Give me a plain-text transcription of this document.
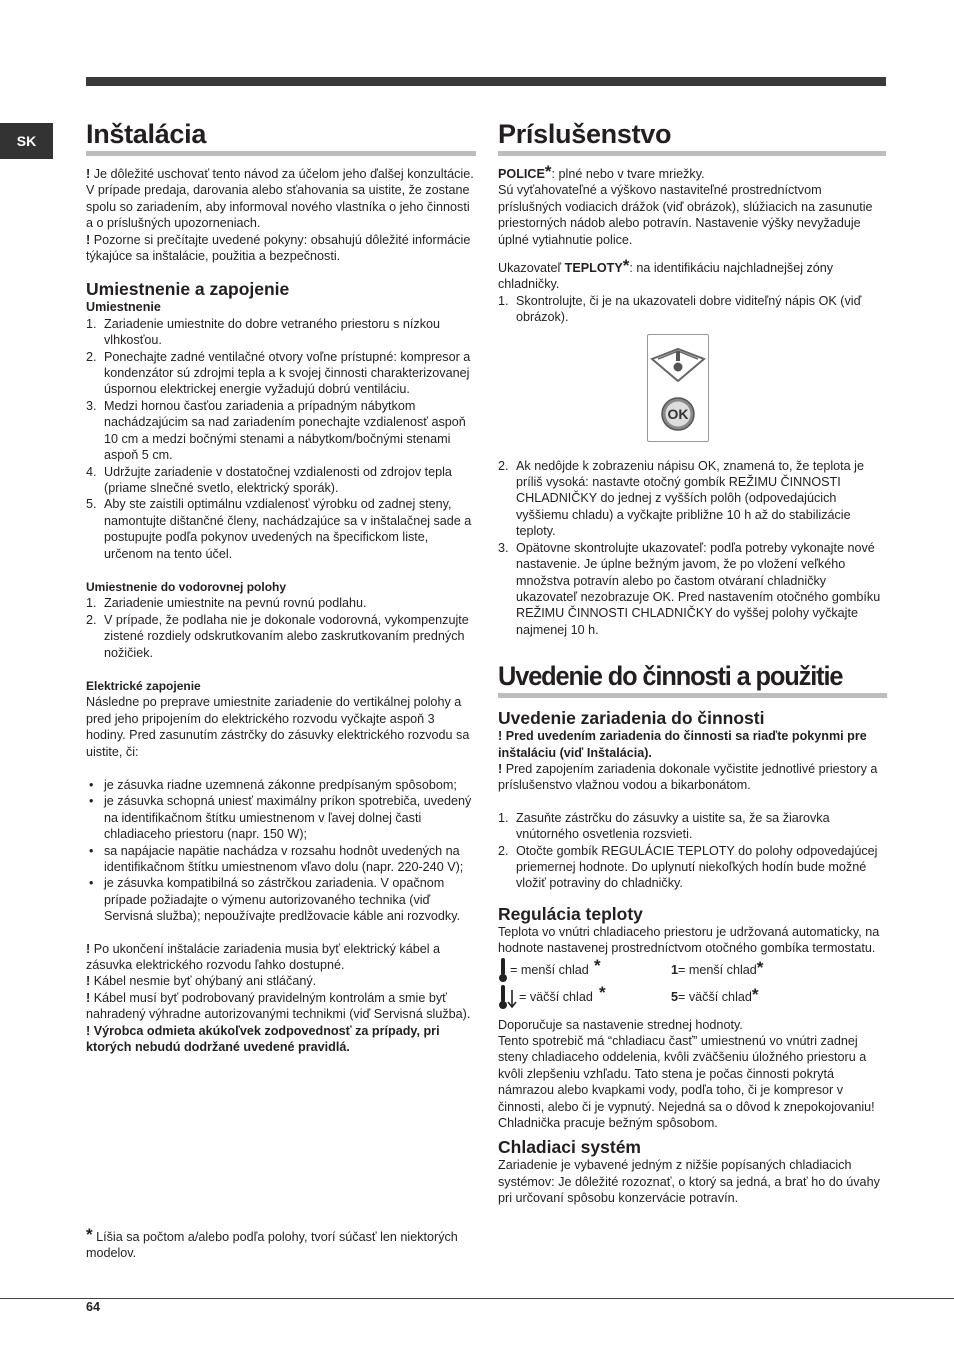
SK	Inštalácia

! Je dôležité uschovať tento návod za účelom jeho ďalšej konzultácie. V prípade predaja, darovania alebo sťahovania sa uistite, že zostane spolu so zariadením, aby informoval nového vlastníka o jeho činnosti a o príslušných upozorneniach.

! Pozorne si prečítajte uvedené pokyny: obsahujú dôležité informácie týkajúce sa inštalácie, použitia a bezpečnosti.

Umiestnenie a zapojenie

Umiestnenie

1. Zariadenie umiestnite do dobre vetraného priestoru s nízkou vlhkosťou.
2. Ponechajte zadné ventilačné otvory voľne prístupné: kompresor a kondenzátor sú zdrojmi tepla a k svojej činnosti charakterizovanej úspornou elektrickej energie vyžadujú dobrú ventiláciu.
3. Medzi hornou časťou zariadenia a prípadným nábytkom nachádzajúcim sa nad zariadením ponechajte vzdialenosť aspoň 10 cm a medzi bočnými stenami a nábytkom/bočnými stenami aspoň 5 cm.
4. Udržujte zariadenie v dostatočnej vzdialenosti od zdrojov tepla (priame slnečné svetlo, elektrický sporák).
5. Aby ste zaistili optimálnu vzdialenosť výrobku od zadnej steny, namontujte dištančné členy, nachádzajúce sa v inštalačnej sade a postupujte podľa pokynov uvedených na špecifickom liste, určenom na tento účel.

Umiestnenie do vodorovnej polohy

1. Zariadenie umiestnite na pevnú rovnú podlahu.
2. V prípade, že podlaha nie je dokonale vodorovná, vykompenzujte zistené rozdiely odskrutkovaním alebo zaskrutkovaním predných nožičiek.

Elektrické zapojenie

Následne po preprave umiestnite zariadenie do vertikálnej polohy a pred jeho pripojením do elektrického rozvodu vyčkajte aspoň 3 hodiny. Pred zasunutím zástrčky do zásuvky elektrického rozvodu sa uistite, či:

• je zásuvka riadne uzemnená zákonne predpísaným spôsobom;
• je zásuvka schopná uniesť maximálny príkon spotrebiča, uvedený na identifikačnom štítku umiestnenom v ľavej dolnej časti chladiaceho priestoru (napr. 150 W);
• sa napájacie napätie nachádza v rozsahu hodnôt uvedených na identifikačnom štítku umiestnenom vľavo dolu (napr. 220-240 V);
• je zásuvka kompatibilná so zástrčkou zariadenia. V opačnom prípade požiadajte o výmenu autorizovaného technika (viď Servisná služba); nepoužívajte predlžovacie káble ani rozvodky.

! Po ukončení inštalácie zariadenia musia byť elektrický kábel a zásuvka elektrického rozvodu ľahko dostupné.

! Kábel nesmie byť ohýbaný ani stláčaný.

! Kábel musí byť podrobovaný pravidelným kontrolám a smie byť nahradený výhradne autorizovanými technikmi (viď Servisná služba).

! Výrobca odmieta akúkoľvek zodpovednosť za prípady, pri ktorých nebudú dodržané uvedené pravidlá.

* Líšia sa počtom a/alebo podľa polohy, tvorí súčasť len niektorých modelov.
Príslušenstvo

POLICE*: plné nebo v tvare mriežky.

Sú vyťahovateľné a výškovo nastaviteľné prostredníctvom príslušných vodiacich drážok (viď obrázok), slúžiacich na zasunutie priestorných nádob alebo potravín. Nastavenie výšky nevyžaduje úplné vytiahnutie police.

Ukazovateľ TEPLOTY*: na identifikáciu najchladnejšej zóny chladničky.

1. Skontrolujte, či je na ukazovateli dobre viditeľný nápis OK (viď obrázok).
OK
2. Ak nedôjde k zobrazeniu nápisu OK, znamená to, že teplota je príliš vysoká: nastavte otočný gombík REŽIMU ČINNOSTI CHLADNIČKY do jednej z vyšších polôh (odpovedajúcich vyššiemu chladu) a vyčkajte približne 10 h až do stabilizácie teploty.
3. Opätovne skontrolujte ukazovateľ: podľa potreby vykonajte nové nastavenie. Je úplne bežným javom, že po vložení veľkého množstva potravín alebo po častom otváraní chladničky ukazovateľ nezobrazuje OK. Pred nastavením otočného gombíku REŽIMU ČINNOSTI CHLADNIČKY do vyššej polohy vyčkajte najmenej 10 h.
Uvedenie do činnosti a použitie
Uvedenie zariadenia do činnosti

! Pred uvedením zariadenia do činnosti sa riaďte pokynmi pre inštaláciu (viď Inštalácia).

! Pred zapojením zariadenia dokonale vyčistite jednotlivé priestory a príslušenstvo vlažnou vodou a bikarbonátom.

1. Zasuňte zástrčku do zásuvky a uistite sa, že sa žiarovka vnútorného osvetlenia rozsvieti.
2. Otočte gombík REGULÁCIE TEPLOTY do polohy odpovedajúcej priemernej hodnote. Do uplynutí niekoľkých hodín bude možné vložiť potraviny do chladničky.
Regulácia teploty

Teplota vo vnútri chladiaceho priestoru je udržovaná automaticky, na hodnote nastavenej prostredníctvom otočného gombíka termostatu.

= menší chlad *	1= menší chlad*
= väčší chlad *	5= väčší chlad*

Doporučuje sa nastavenie strednej hodnoty.

Tento spotrebič má “chladiacu časť” umiestnenú vo vnútri zadnej steny chladiaceho oddelenia, kvôli zväčšeniu úložného priestoru a kvôli zlepšeniu vzhľadu. Tato stena je počas činnosti pokrytá námrazou alebo kvapkami vody, podľa toho, či je kompresor v činnosti, alebo či je vypnutý. Nejedná sa o dôvod k znepokojovaniu! Chladnička pracuje bežným spôsobom.

Chladiaci systém

Zariadenie je vybavené jedným z nižšie popísaných chladiacich systémov: Je dôležité rozoznať, o ktorý sa jedná, a brať ho do úvahy pri určovaní spôsobu konzervácie potravín.

64
